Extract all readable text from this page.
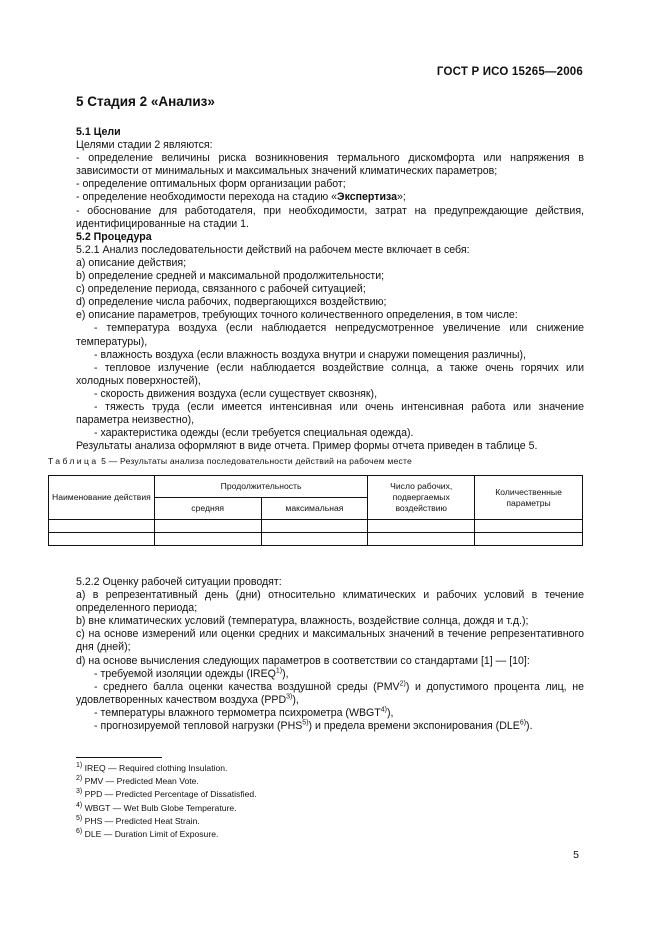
ГОСТ Р ИСО 15265—2006
5 Стадия 2 «Анализ»

5.1 Цели

Целями стадии 2 являются:

- определение величины риска возникновения термального дискомфорта или напряжения в зависимости от минимальных и максимальных значений климатических параметров;

- определение оптимальных форм организации работ;

- определение необходимости перехода на стадию «Экспертиза»;

- обоснование для работодателя, при необходимости, затрат на предупреждающие действия, идентифицированные на стадии 1.

5.2 Процедура

5.2.1 Анализ последовательности действий на рабочем месте включает в себя:

a) описание действия;

b) определение средней и максимальной продолжительности;

c) определение периода, связанного с рабочей ситуацией;

d) определение числа рабочих, подвергающихся воздействию;

e) описание параметров, требующих точного количественного определения, в том числе:

- температура воздуха (если наблюдается непредусмотренное увеличение или снижение температуры),

- влажность воздуха (если влажность воздуха внутри и снаружи помещения различны),

- тепловое излучение (если наблюдается воздействие солнца, а также очень горячих или холодных поверхностей),

- скорость движения воздуха (если существует сквозняк),

- тяжесть труда (если имеется интенсивная или очень интенсивная работа или значение параметра неизвестно),

- характеристика одежды (если требуется специальная одежда).

Результаты анализа оформляют в виде отчета. Пример формы отчета приведен в таблице 5.

Таблица 5 — Результаты анализа последовательности действий на рабочем месте
Наименование действия	Продолжительность		Число рабочих, подвергаемых воздействию	Количественные параметры
	средняя	максимальная		

5.2.2 Оценку рабочей ситуации проводят:

a) в репрезентативный день (дни) относительно климатических и рабочих условий в течение определенного периода;

b) вне климатических условий (температура, влажность, воздействие солнца, дождя и т.д.);

c) на основе измерений или оценки средних и максимальных значений в течение репрезентативного дня (дней);

d) на основе вычисления следующих параметров в соответствии со стандартами [1] — [10]:

- требуемой изоляции одежды (IREQ$^{1)}$),

- среднего балла оценки качества воздушной среды (PMV$^{2)}$) и допустимого процента лиц, не удовлетворенных качеством воздуха (PPD$^{3)}$),

- температуры влажного термометра психрометра (WBGT$^{4)}$),

- прогнозируемой тепловой нагрузки (PHS$^{5)}$) и предела времени экспонирования (DLE$^{6)}$).

$^{1)}$ IREQ — Required clothing Insulation.

$^{2)}$ PMV — Predicted Mean Vote.

$^{3)}$ PPD — Predicted Percentage of Dissatisfied.

$^{4)}$ WBGT — Wet Bulb Globe Temperature.

$^{5)}$ PHS — Predicted Heat Strain.

$^{6)}$ DLE — Duration Limit of Exposure.

5
